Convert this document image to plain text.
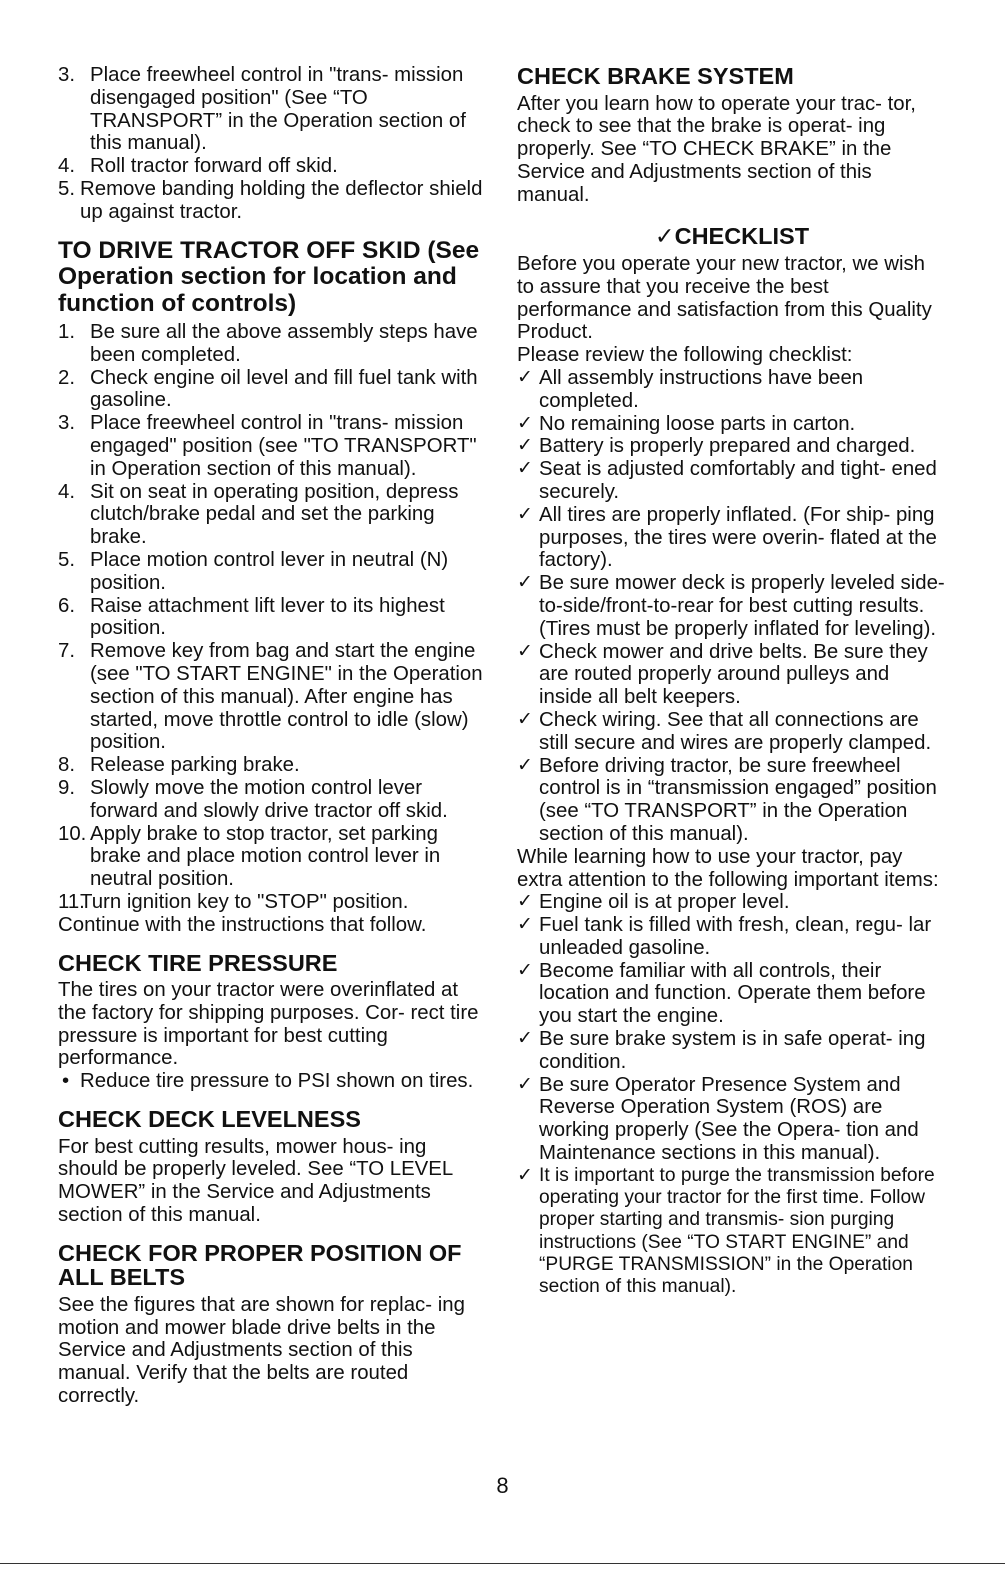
3. Place freewheel control in "trans- mission disengaged position" (See “TO TRANSPORT” in the Operation section of this manual).
4. Roll tractor forward off skid.
5. Remove banding holding the deflector shield up against tractor.
TO DRIVE TRACTOR OFF SKID (See Operation section for location and function of controls)
1. Be sure all the above assembly steps have been completed.
2. Check engine oil level and fill fuel tank with gasoline.
3. Place freewheel control in "trans- mission engaged" position (see "TO TRANSPORT" in Operation section of this manual).
4. Sit on seat in operating position, depress clutch/brake pedal and set the parking brake.
5. Place motion control lever in neutral (N) position.
6. Raise attachment lift lever to its highest position.
7. Remove key from bag and start the engine (see "TO START ENGINE" in the Operation section of this manual). After engine has started, move throttle control to idle (slow) position.
8. Release parking brake.
9. Slowly move the motion control lever forward and slowly drive tractor off skid.
10. Apply brake to stop tractor, set parking brake and place motion control lever in neutral position.
11.
Turn ignition key to "STOP" position.

Continue with the instructions that follow.

CHECK TIRE PRESSURE

The tires on your tractor were overinflated at the factory for shipping purposes. Cor- rect tire pressure is important for best cutting performance.

• Reduce tire pressure to PSI shown on tires.
CHECK DECK LEVELNESS

For best cutting results, mower hous- ing should be properly leveled. See “TO LEVEL MOWER” in the Service and Adjustments section of this manual.

CHECK FOR PROPER POSITION OF ALL BELTS

See the figures that are shown for replac- ing motion and mower blade drive belts in the Service and Adjustments section of this manual. Verify that the belts are routed correctly.

CHECK BRAKE SYSTEM

After you learn how to operate your trac- tor, check to see that the brake is operat- ing properly. See “TO CHECK BRAKE” in the Service and Adjustments section of this manual.

✓CHECKLIST

Before you operate your new tractor, we wish to assure that you receive the best performance and satisfaction from this Quality Product.

Please review the following checklist:

✓ All assembly instructions have been completed.
✓ No remaining loose parts in carton.
✓ Battery is properly prepared and charged.
✓ Seat is adjusted comfortably and tight- ened securely.
✓ All tires are properly inflated. (For ship- ping purposes, the tires were overin- flated at the factory).
✓ Be sure mower deck is properly leveled side-to-side/front-to-rear for best cutting results. (Tires must be properly inflated for leveling).
✓ Check mower and drive belts. Be sure they are routed properly around pulleys and inside all belt keepers.
✓ Check wiring. See that all connections are still secure and wires are properly clamped.
✓ Before driving tractor, be sure freewheel control is in “transmission engaged” position (see “TO TRANSPORT” in the Operation section of this manual).

While learning how to use your tractor, pay extra attention to the following important items:

✓ Engine oil is at proper level.
✓ Fuel tank is filled with fresh, clean, regu- lar unleaded gasoline.
✓ Become familiar with all controls, their location and function. Operate them before you start the engine.
✓ Be sure brake system is in safe operat- ing condition.
✓ Be sure Operator Presence System and Reverse Operation System (ROS) are working properly (See the Opera- tion and Maintenance sections in this manual).
✓ It is important to purge the transmission before operating your tractor for the first time. Follow proper starting and transmis- sion purging instructions (See “TO START ENGINE” and “PURGE TRANSMISSION” in the Operation section of this manual).
8
